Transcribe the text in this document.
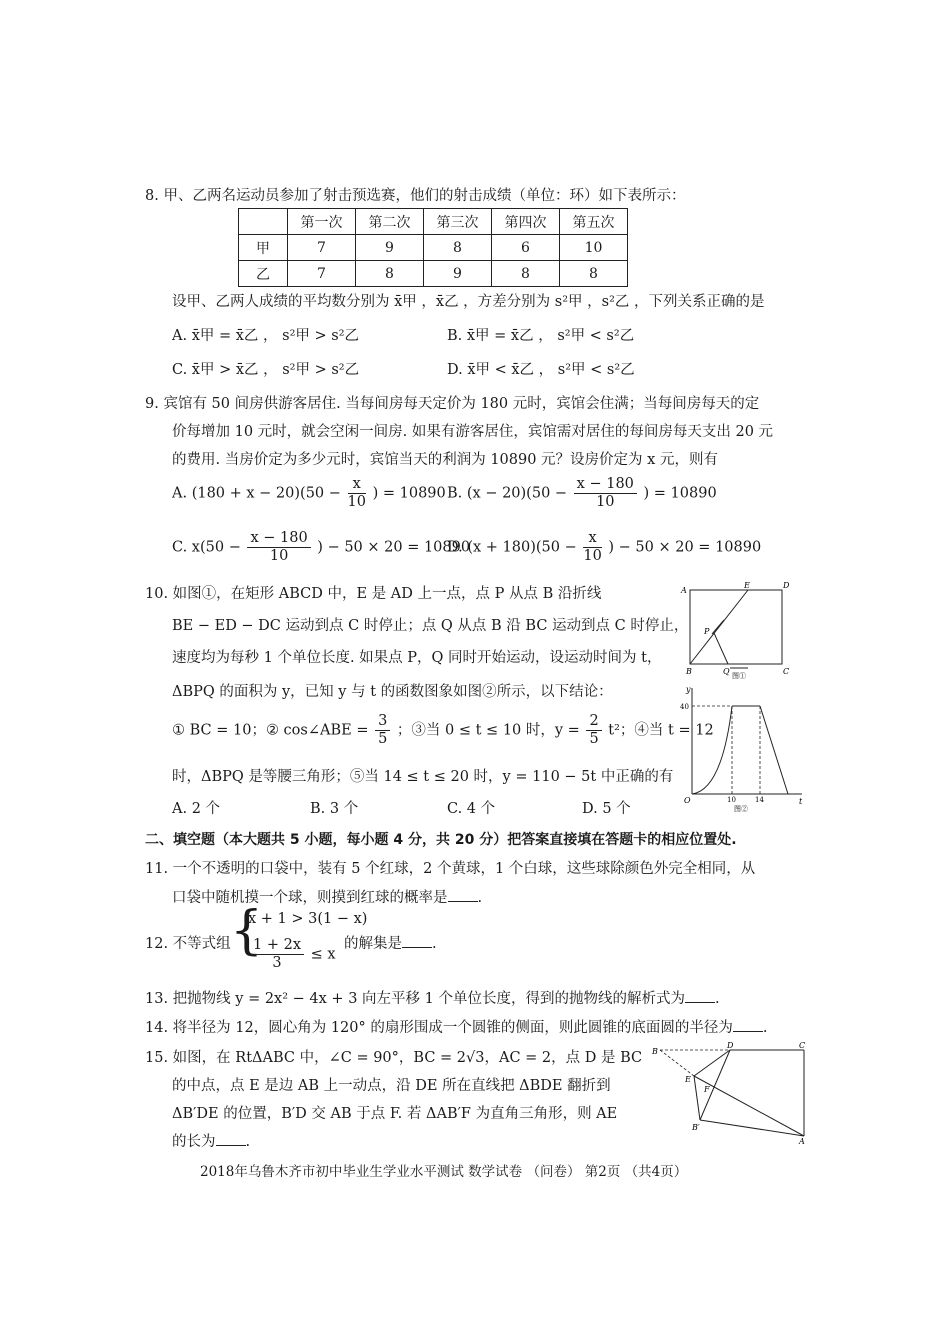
8. 甲、乙两名运动员参加了射击预选赛，他们的射击成绩（单位：环）如下表所示：
	第一次	第二次	第三次	第四次	第五次
甲	7	9	8	6	10
乙	7	8	9	8	8
设甲、乙两人成绩的平均数分别为 x̄甲 ，x̄乙 ，方差分别为 s²甲 ，s²乙 ，下列关系正确的是
A. x̄甲 = x̄乙 ， s²甲 > s²乙	B. x̄甲 = x̄乙 ， s²甲 < s²乙
C. x̄甲 > x̄乙 ， s²甲 > s²乙	D. x̄甲 < x̄乙 ， s²甲 < s²乙
9. 宾馆有 50 间房供游客居住. 当每间房每天定价为 180 元时，宾馆会住满；当每间房每天的定
价每增加 10 元时，就会空闲一间房. 如果有游客居住，宾馆需对居住的每间房每天支出 20 元
的费用. 当房价定为多少元时，宾馆当天的利润为 10890 元？设房价定为 x 元，则有
A. $(180 + x - 20)(50 - \frac{x}{10}$ ) = 10890 B. $(x - 20)(50 - \frac{x - 180}{10}$ ) = 10890
C. $x(50 - \frac{x - 180}{10}$ ) − 50 × 20 = 10890
D. $(x + 180)(50 - \frac{x}{10}$ ) − 50 × 20 = 10890
10. 如图①，在矩形 ABCD 中，E 是 AD 上一点，点 P 从点 B 沿折线
BE − ED − DC 运动到点 C 时停止；点 Q 从点 B 沿 BC 运动到点 C 时停止，
速度均为每秒 1 个单位长度. 如果点 P，Q 同时开始运动，设运动时间为 t，
ΔBPQ 的面积为 y，已知 y 与 t 的函数图象如图②所示，以下结论：
① BC = 10；② cos∠ABE = $\frac{3}{5}$ ；③当 0 ≤ t ≤ 10 时，$y = \frac{2}{5} t^2$；④当 t = 12
时，ΔBPQ 是等腰三角形；⑤当 14 ≤ t ≤ 20 时，y = 110 − 5t 中正确的有
A. 2 个	B. 3 个	C. 4 个	D. 5 个
A
E	D
B	C
P
Q 图①
y
t
O
40
10	14
图②
二、填空题（本大题共 5 小题，每小题 4 分，共 20 分）把答案直接填在答题卡的相应位置处.
11. 一个不透明的口袋中，装有 5 个红球，2 个黄球，1 个白球，这些球除颜色外完全相同，从
口袋中随机摸一个球，则摸到红球的概率是 .
12. 不等式组 {
x + 1 > 3(1 − x)
$\frac{1 + 2x}{3} \le x$
的解集是 .
13. 把抛物线 y = 2x² − 4x + 3 向左平移 1 个单位长度，得到的抛物线的解析式为 .
14. 将半径为 12，圆心角为 120° 的扇形围成一个圆锥的侧面，则此圆锥的底面圆的半径为 .
15. 如图，在 RtΔABC 中，∠C = 90°，BC = 2√3，AC = 2，点 D 是 BC
的中点，点 E 是边 AB 上一动点，沿 DE 所在直线把 ΔBDE 翻折到
ΔB′DE 的位置，B′D 交 AB 于点 F. 若 ΔAB′F 为直角三角形，则 AE
的长为 .
B
D	C
E
F
B′
A
2018年乌鲁木齐市初中毕业生学业水平测试 数学试卷 （问卷） 第2页 （共4页）
